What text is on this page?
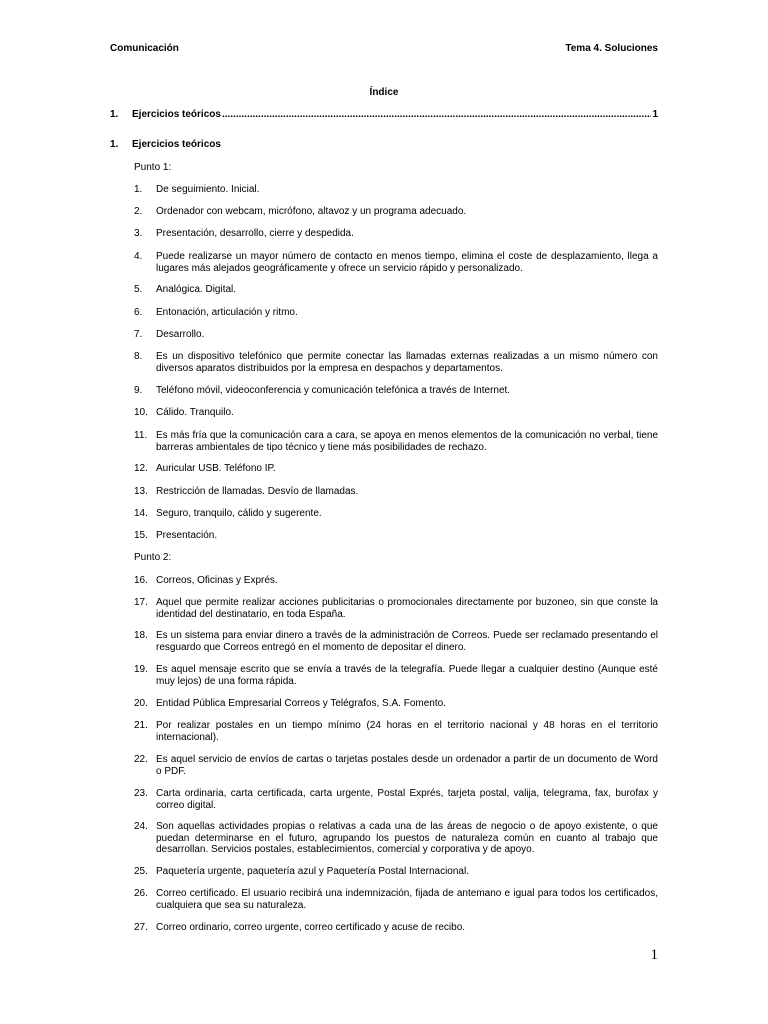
Comunicación	Tema 4. Soluciones
Índice
1.	Ejercicios teóricos
.....	1
1.	Ejercicios teóricos
Punto 1:
1.	De seguimiento. Inicial.
2.	Ordenador con webcam, micrófono, altavoz y un programa adecuado.
3.	Presentación, desarrollo, cierre y despedida.
4.	Puede realizarse un mayor número de contacto en menos tiempo, elimina el coste de desplazamiento, llega a lugares más alejados geográficamente y ofrece un servicio rápido y personalizado.
5.	Analógica. Digital.
6.	Entonación, articulación y ritmo.
7.	Desarrollo.
8.	Es un dispositivo telefónico que permite conectar las llamadas externas realizadas a un mismo número con diversos aparatos distribuidos por la empresa en despachos y departamentos.
9.	Teléfono móvil, videoconferencia y comunicación telefónica a través de Internet.
10. Cálido. Tranquilo.
11. Es más fría que la comunicación cara a cara, se apoya en menos elementos de la comunicación no verbal, tiene barreras ambientales de tipo técnico y tiene más posibilidades de rechazo.
12. Auricular USB. Teléfono IP.
13. Restricción de llamadas. Desvío de llamadas.
14. Seguro, tranquilo, cálido y sugerente.
15. Presentación.
Punto 2:
16. Correos, Oficinas y Exprés.
17. Aquel que permite realizar acciones publicitarias o promocionales directamente por buzoneo, sin que conste la identidad del destinatario, en toda España.
18. Es un sistema para enviar dinero a través de la administración de Correos. Puede ser reclamado presentando el resguardo que Correos entregó en el momento de depositar el dinero.
19. Es aquel mensaje escrito que se envía a través de la telegrafía. Puede llegar a cualquier destino (Aunque esté muy lejos) de una forma rápida.
20. Entidad Pública Empresarial Correos y Telégrafos, S.A. Fomento.
21. Por realizar postales en un tiempo mínimo (24 horas en el territorio nacional y 48 horas en el territorio internacional).
22. Es aquel servicio de envíos de cartas o tarjetas postales desde un ordenador a partir de un documento de Word o PDF.
23. Carta ordinaria, carta certificada, carta urgente, Postal Exprés, tarjeta postal, valija, telegrama, fax, burofax y correo digital.
24. Son aquellas actividades propias o relativas a cada una de las áreas de negocio o de apoyo existente, o que puedan determinarse en el futuro, agrupando los puestos de naturaleza común en cuanto al trabajo que desarrollan. Servicios postales, establecimientos, comercial y corporativa y de apoyo.
25. Paquetería urgente, paquetería azul y Paquetería Postal Internacional.
26. Correo certificado. El usuario recibirá una indemnización, fijada de antemano e igual para todos los certificados, cualquiera que sea su naturaleza.
27. Correo ordinario, correo urgente, correo certificado y acuse de recibo.
1
